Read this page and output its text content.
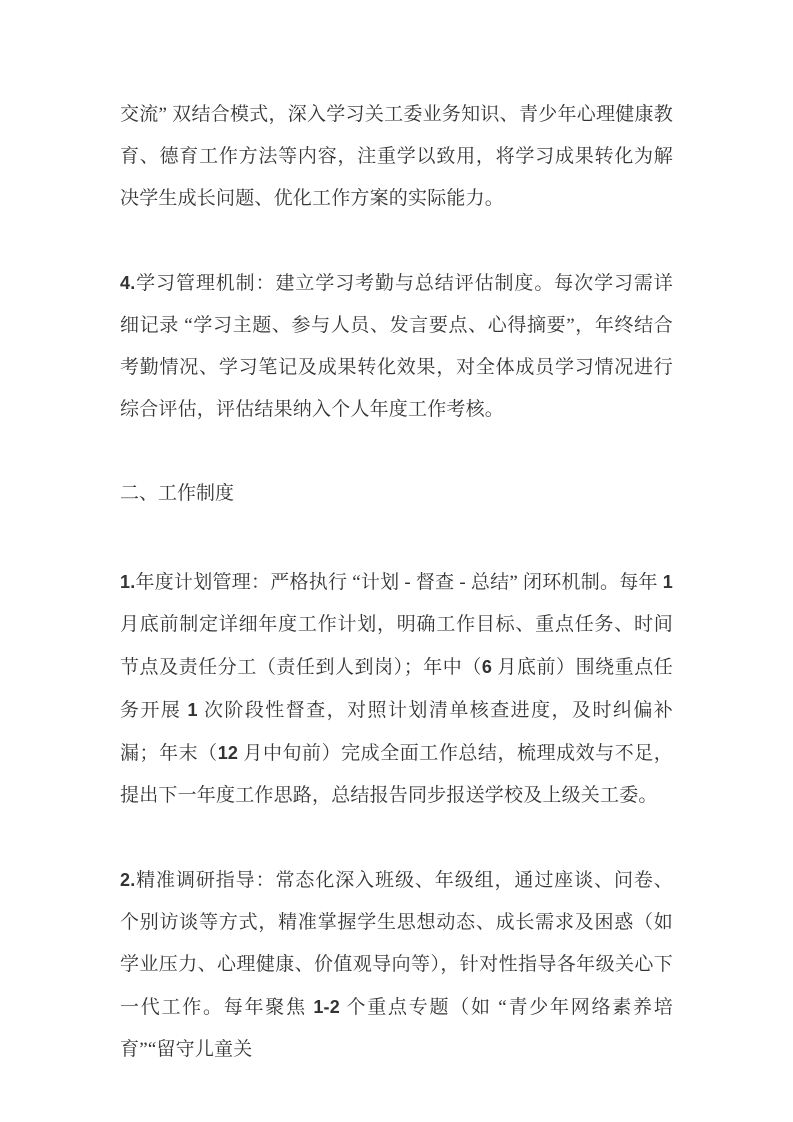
交流” 双结合模式，深入学习关工委业务知识、青少年心理健康教育、德育工作方法等内容，注重学以致用，将学习成果转化为解决学生成长问题、优化工作方案的实际能力。

4.学习管理机制：建立学习考勤与总结评估制度。每次学习需详细记录 “学习主题、参与人员、发言要点、心得摘要”，年终结合考勤情况、学习笔记及成果转化效果，对全体成员学习情况进行综合评估，评估结果纳入个人年度工作考核。

二、工作制度

1.年度计划管理：严格执行 “计划 - 督查 - 总结” 闭环机制。每年 1 月底前制定详细年度工作计划，明确工作目标、重点任务、时间节点及责任分工（责任到人到岗）；年中（6 月底前）围绕重点任务开展 1 次阶段性督查，对照计划清单核查进度，及时纠偏补漏；年末（12 月中旬前）完成全面工作总结，梳理成效与不足，提出下一年度工作思路，总结报告同步报送学校及上级关工委。

2.精准调研指导：常态化深入班级、年级组，通过座谈、问卷、个别访谈等方式，精准掌握学生思想动态、成长需求及困惑（如学业压力、心理健康、价值观导向等），针对性指导各年级关心下一代工作。每年聚焦 1-2 个重点专题（如 “青少年网络素养培育”“留守儿童关
